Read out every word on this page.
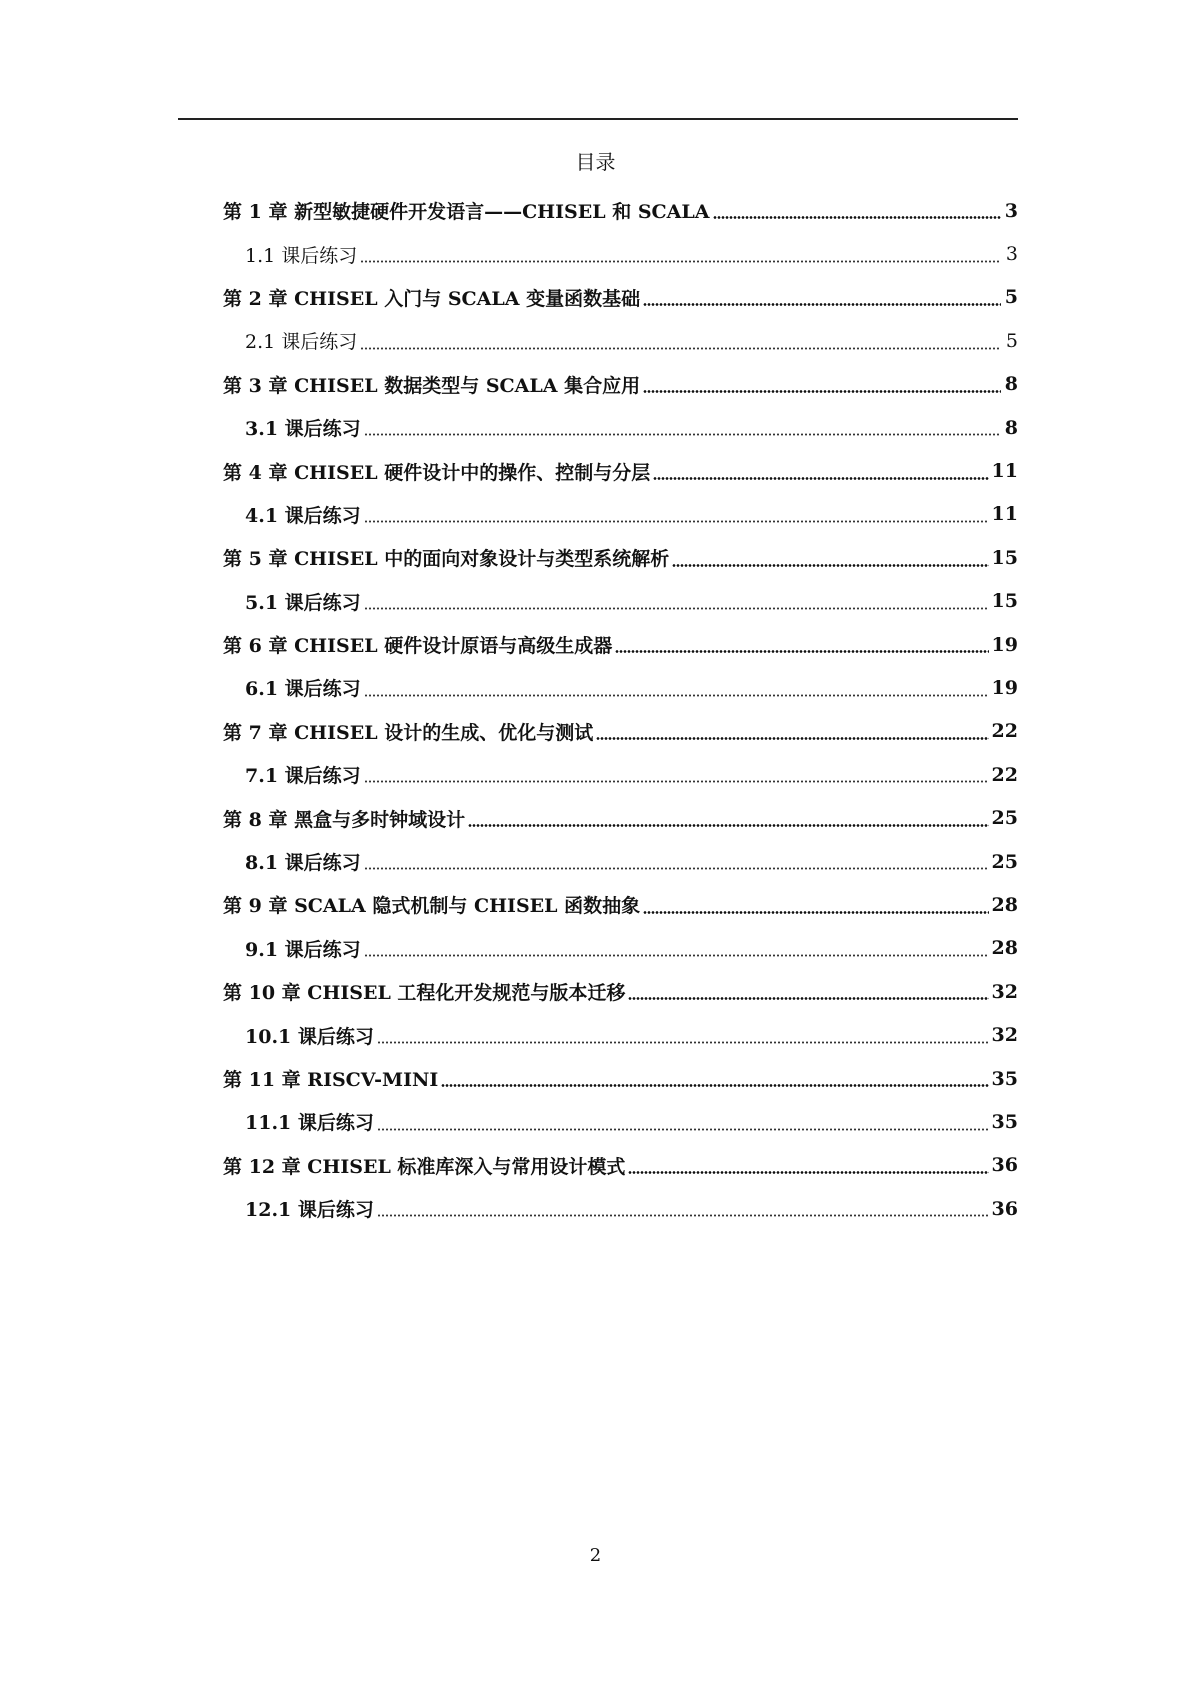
目录
第 1 章 新型敏捷硬件开发语言——CHISEL 和 SCALA	3
1.1 课后练习	3
第 2 章 CHISEL 入门与 SCALA 变量函数基础	5
2.1 课后练习	5
第 3 章 CHISEL 数据类型与 SCALA 集合应用	8
3.1 课后练习	8
第 4 章 CHISEL 硬件设计中的操作、控制与分层	11
4.1 课后练习	11
第 5 章 CHISEL 中的面向对象设计与类型系统解析	15
5.1 课后练习	15
第 6 章 CHISEL 硬件设计原语与高级生成器	19
6.1 课后练习	19
第 7 章 CHISEL 设计的生成、优化与测试	22
7.1 课后练习	22
第 8 章 黑盒与多时钟域设计	25
8.1 课后练习	25
第 9 章 SCALA 隐式机制与 CHISEL 函数抽象	28
9.1 课后练习	28
第 10 章 CHISEL 工程化开发规范与版本迁移	32
10.1 课后练习	32
第 11 章 RISCV-MINI	35
11.1 课后练习	35
第 12 章 CHISEL 标准库深入与常用设计模式	36
12.1 课后练习	36
2
